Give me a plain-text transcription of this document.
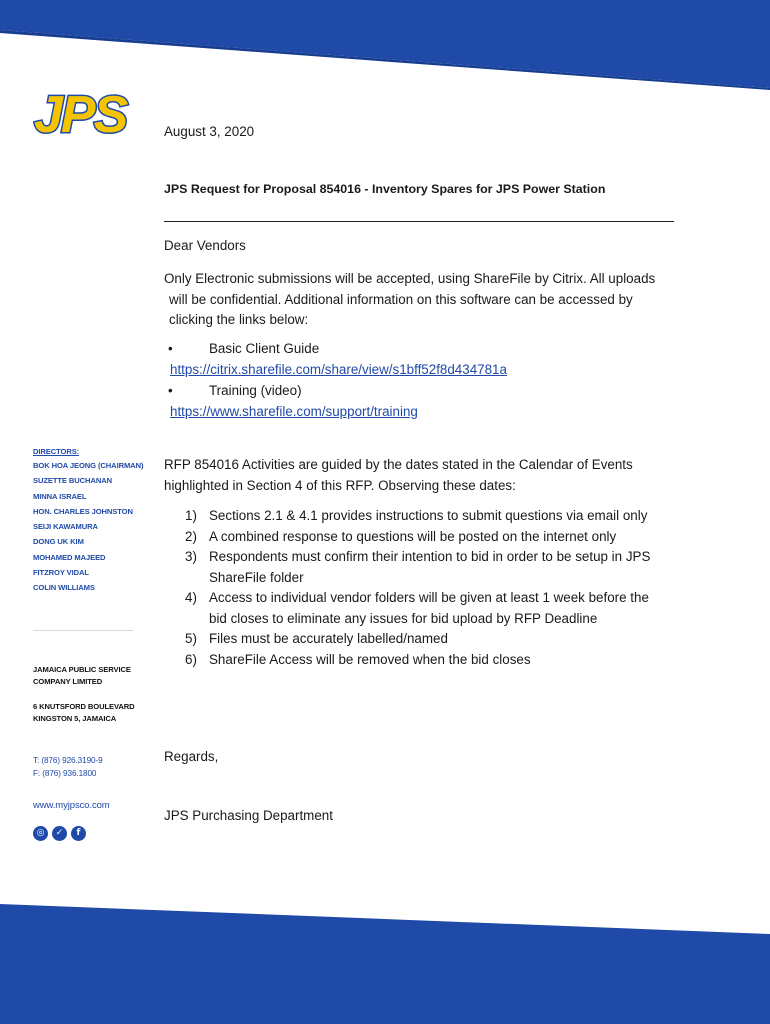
JPS
DIRECTORS:
BOK HOA JEONG (CHAIRMAN)
SUZETTE BUCHANAN
MINNA ISRAEL
HON. CHARLES JOHNSTON
SEIJI KAWAMURA
DONG UK KIM
MOHAMED MAJEED
FITZROY VIDAL
COLIN WILLIAMS
JAMAICA PUBLIC SERVICE
COMPANY LIMITED
6 KNUTSFORD BOULEVARD
KINGSTON 5, JAMAICA
T: (876) 926.3190-9
F: (876) 936.1800
www.myjpsco.com
◎	✓	f
August 3, 2020
JPS Request for Proposal 854016 - Inventory Spares for JPS Power Station
Dear Vendors
Only Electronic submissions will be accepted, using ShareFile by Citrix. All uploads
will be confidential. Additional information on this software can be accessed by
clicking the links below:
•	Basic Client Guide
https://citrix.sharefile.com/share/view/s1bff52f8d434781a
•	Training (video)
https://www.sharefile.com/support/training
RFP 854016 Activities are guided by the dates stated in the Calendar of Events
highlighted in Section 4 of this RFP. Observing these dates:
1) Sections 2.1 & 4.1 provides instructions to submit questions via email only
2) A combined response to questions will be posted on the internet only
3) Respondents must confirm their intention to bid in order to be setup in JPS
ShareFile folder
4) Access to individual vendor folders will be given at least 1 week before the
bid closes to eliminate any issues for bid upload by RFP Deadline
5) Files must be accurately labelled/named
6) ShareFile Access will be removed when the bid closes
Regards,
JPS Purchasing Department
